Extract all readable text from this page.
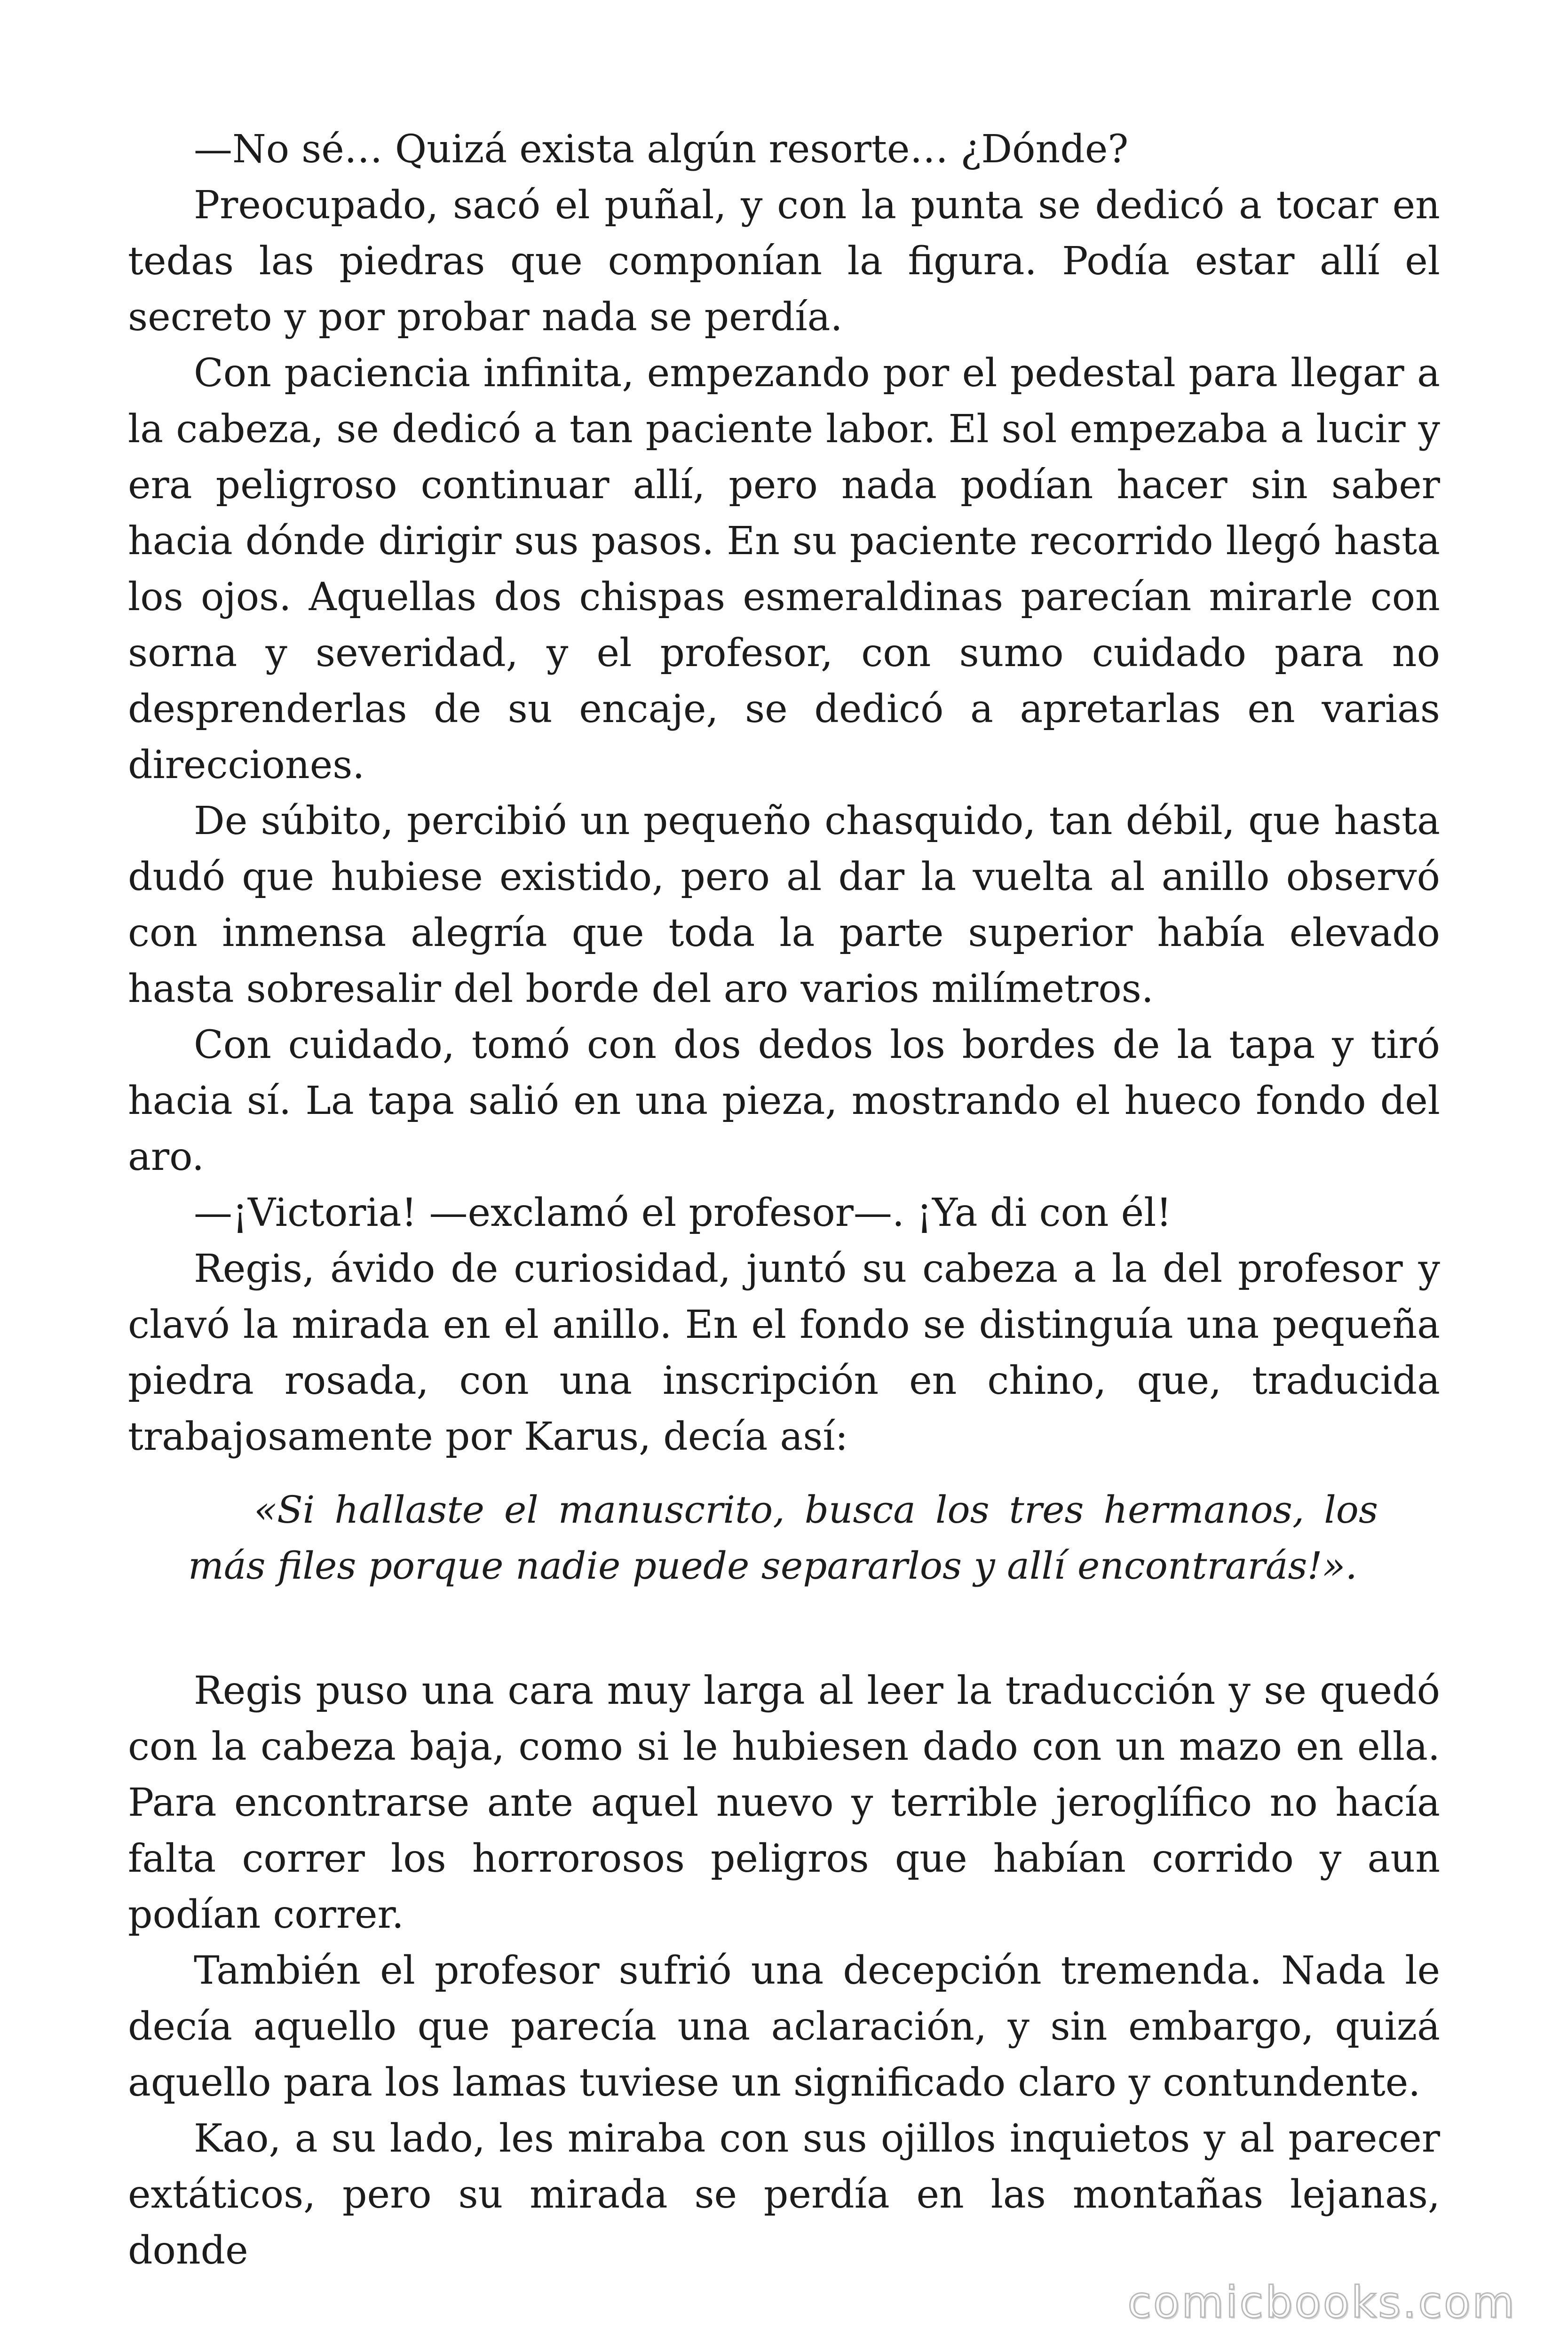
—No sé… Quizá exista algún resorte… ¿Dónde?

Preocupado, sacó el puñal, y con la punta se dedicó a tocar en tedas las piedras que componían la figura. Podía estar allí el secreto y por probar nada se perdía.

Con paciencia infinita, empezando por el pedestal para llegar a la cabeza, se dedicó a tan paciente labor. El sol empezaba a lucir y era peligroso continuar allí, pero nada podían hacer sin saber hacia dónde dirigir sus pasos. En su paciente recorrido llegó hasta los ojos. Aquellas dos chispas esmeraldinas parecían mirarle con sorna y severidad, y el profesor, con sumo cuidado para no desprenderlas de su encaje, se dedicó a apretarlas en varias direcciones.

De súbito, percibió un pequeño chasquido, tan débil, que hasta dudó que hubiese existido, pero al dar la vuelta al anillo observó con inmensa alegría que toda la parte superior había elevado hasta sobresalir del borde del aro varios milímetros.

Con cuidado, tomó con dos dedos los bordes de la tapa y tiró hacia sí. La tapa salió en una pieza, mostrando el hueco fondo del aro.

—¡Victoria! —exclamó el profesor—. ¡Ya di con él!

Regis, ávido de curiosidad, juntó su cabeza a la del profesor y clavó la mirada en el anillo. En el fondo se distinguía una pequeña piedra rosada, con una inscripción en chino, que, traducida trabajosamente por Karus, decía así:

«Si hallaste el manuscrito, busca los tres hermanos, los más files porque nadie puede separarlos y allí encontrarás!».

Regis puso una cara muy larga al leer la traducción y se quedó con la cabeza baja, como si le hubiesen dado con un mazo en ella. Para encontrarse ante aquel nuevo y terrible jeroglífico no hacía falta correr los horrorosos peligros que habían corrido y aun podían correr.

También el profesor sufrió una decepción tremenda. Nada le decía aquello que parecía una aclaración, y sin embargo, quizá aquello para los lamas tuviese un significado claro y contundente.

Kao, a su lado, les miraba con sus ojillos inquietos y al parecer extáticos, pero su mirada se perdía en las montañas lejanas, donde

comicbooks.com
